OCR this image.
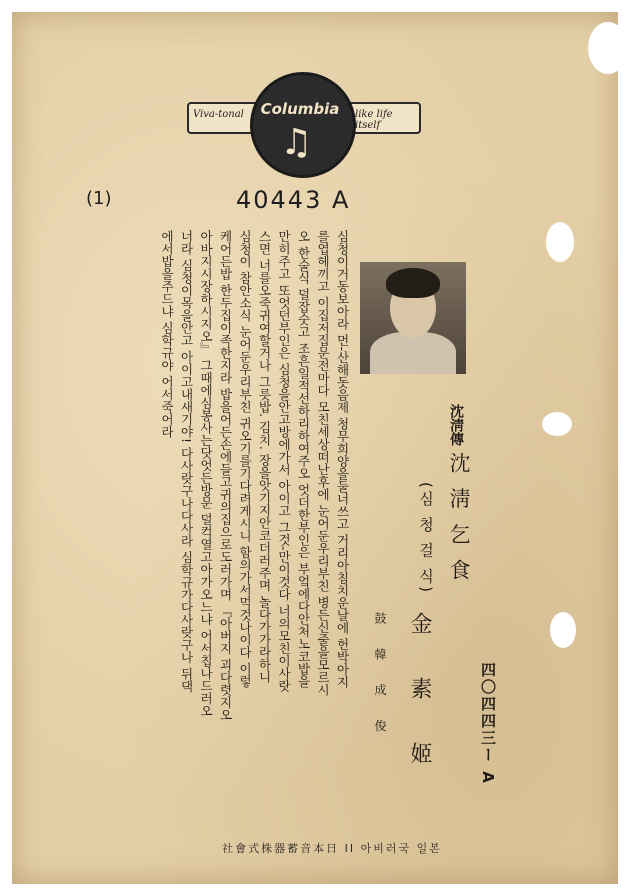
Viva-tonal	like life itself
Columbia
♫
(1)	40443 A
沈淸傳
沈 淸 乞 食
(심 청 걸 식)
金 素 姬
鼓 韓 成 俊	四〇四四三ー A

심청이거동보아라 먼-산해돗음제 청무희양을둘너쓰고 거리아침치운날에 헌박아지

를엽헤끼고 이집저집문전마다 모친세상떠난후에 눈어둔우리부친 병든신줄을모르시

오 한술식 덜잡숫고 조흔일적선하리하여주오 엇더한부인은 부엌에다안처노코밥을

만히주고 또엇던부인은 심청을안고방에가서 아이고 그것-만이것다 너의모친이사랏

스면 너를오죽귀여할거나 그릇밥. 김치. 장을앗기지안코더러주며 놀다가가라하니

심청이 참안소식 눈어둔우리부친 귀오기를기다려게시니 함의가서먹것나이다 이렇

케어든밥 한두집이족한지라 밥을어든손에들고귀의집으로도러가며 『아버지 괴다렷지오

아바지시장하시지오』 그때에심봉사는닷엇든방문 덜컥열고아가오느냐 어서칩나드러오

너라 심청이목을안고 아이고내새기야! 다사랏구나다사라 심학규가다사랏구나 뒤댁

에서밥을주드냐 심학규야 어서죽어라

社會式株器蓄音本日 II 아비러국 일본
